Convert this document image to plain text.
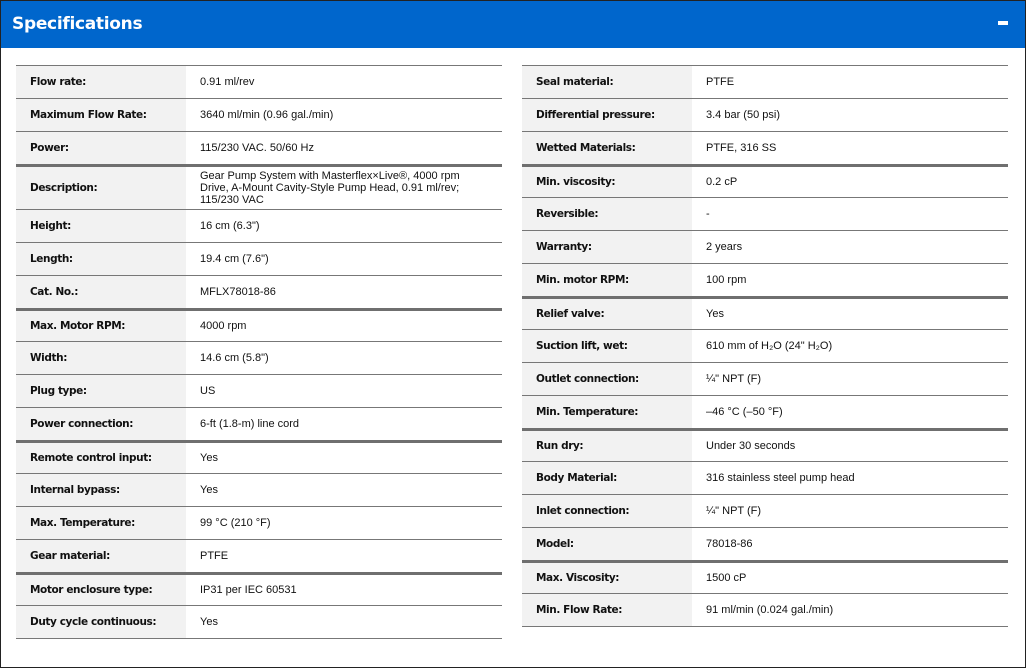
Specifications
Flow rate:	0.91 ml/rev
Maximum Flow Rate:	3640 ml/min (0.96 gal./min)
Power:	115/230 VAC. 50/60 Hz
Description:	Gear Pump System with Masterflex×Live®, 4000 rpm Drive, A-Mount Cavity-Style Pump Head, 0.91 ml/rev; 115/230 VAC
Height:	16 cm (6.3")
Length:	19.4 cm (7.6")
Cat. No.:	MFLX78018-86
Max. Motor RPM:	4000 rpm
Width:	14.6 cm (5.8")
Plug type:	US
Power connection:	6-ft (1.8-m) line cord
Remote control input:	Yes
Internal bypass:	Yes
Max. Temperature:	99 °C (210 °F)
Gear material:	PTFE
Motor enclosure type:	IP31 per IEC 60531
Duty cycle continuous:	Yes
Seal material:	PTFE
Differential pressure:	3.4 bar (50 psi)
Wetted Materials:	PTFE, 316 SS
Min. viscosity:	0.2 cP
Reversible:	-
Warranty:	2 years
Min. motor RPM:	100 rpm
Relief valve:	Yes
Suction lift, wet:	610 mm of H₂O (24" H₂O)
Outlet connection:	¼" NPT (F)
Min. Temperature:	–46 °C (–50 °F)
Run dry:	Under 30 seconds
Body Material:	316 stainless steel pump head
Inlet connection:	¼" NPT (F)
Model:	78018-86
Max. Viscosity:	1500 cP
Min. Flow Rate:	91 ml/min (0.024 gal./min)
